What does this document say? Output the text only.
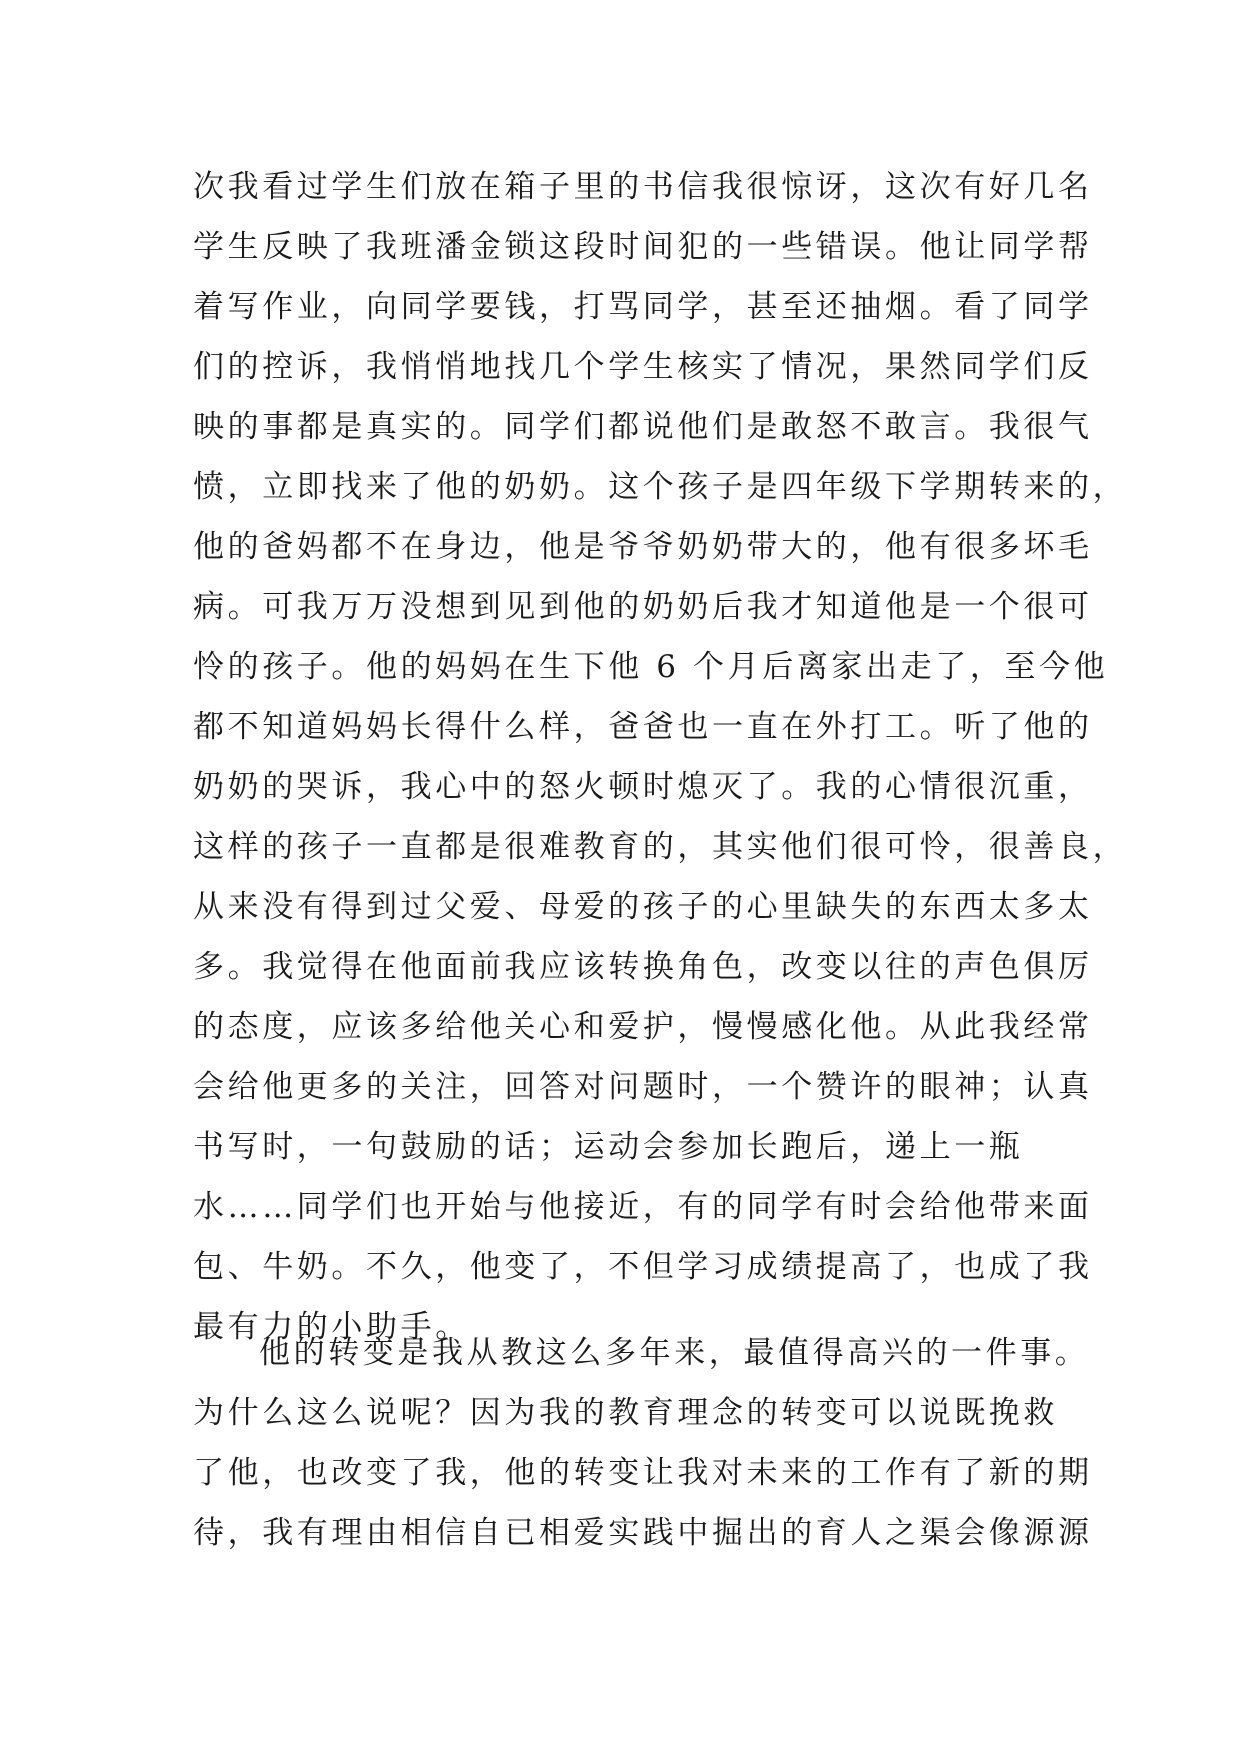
次我看过学生们放在箱子里的书信我很惊讶，这次有好几名
学生反映了我班潘金锁这段时间犯的一些错误。他让同学帮
着写作业，向同学要钱，打骂同学，甚至还抽烟。看了同学
们的控诉，我悄悄地找几个学生核实了情况，果然同学们反
映的事都是真实的。同学们都说他们是敢怒不敢言。我很气
愤，立即找来了他的奶奶。这个孩子是四年级下学期转来的，
他的爸妈都不在身边，他是爷爷奶奶带大的，他有很多坏毛
病。可我万万没想到见到他的奶奶后我才知道他是一个很可
怜的孩子。他的妈妈在生下他 6 个月后离家出走了，至今他
都不知道妈妈长得什么样，爸爸也一直在外打工。听了他的
奶奶的哭诉，我心中的怒火顿时熄灭了。我的心情很沉重，
这样的孩子一直都是很难教育的，其实他们很可怜，很善良，
从来没有得到过父爱、母爱的孩子的心里缺失的东西太多太
多。我觉得在他面前我应该转换角色，改变以往的声色俱厉
的态度，应该多给他关心和爱护，慢慢感化他。从此我经常
会给他更多的关注，回答对问题时，一个赞许的眼神；认真
书写时，一句鼓励的话；运动会参加长跑后，递上一瓶
水……同学们也开始与他接近，有的同学有时会给他带来面
包、牛奶。不久，他变了，不但学习成绩提高了，也成了我
最有力的小助手。
他的转变是我从教这么多年来，最值得高兴的一件事。
为什么这么说呢？因为我的教育理念的转变可以说既挽救
了他，也改变了我，他的转变让我对未来的工作有了新的期
待，我有理由相信自已相爱实践中掘出的育人之渠会像源源
